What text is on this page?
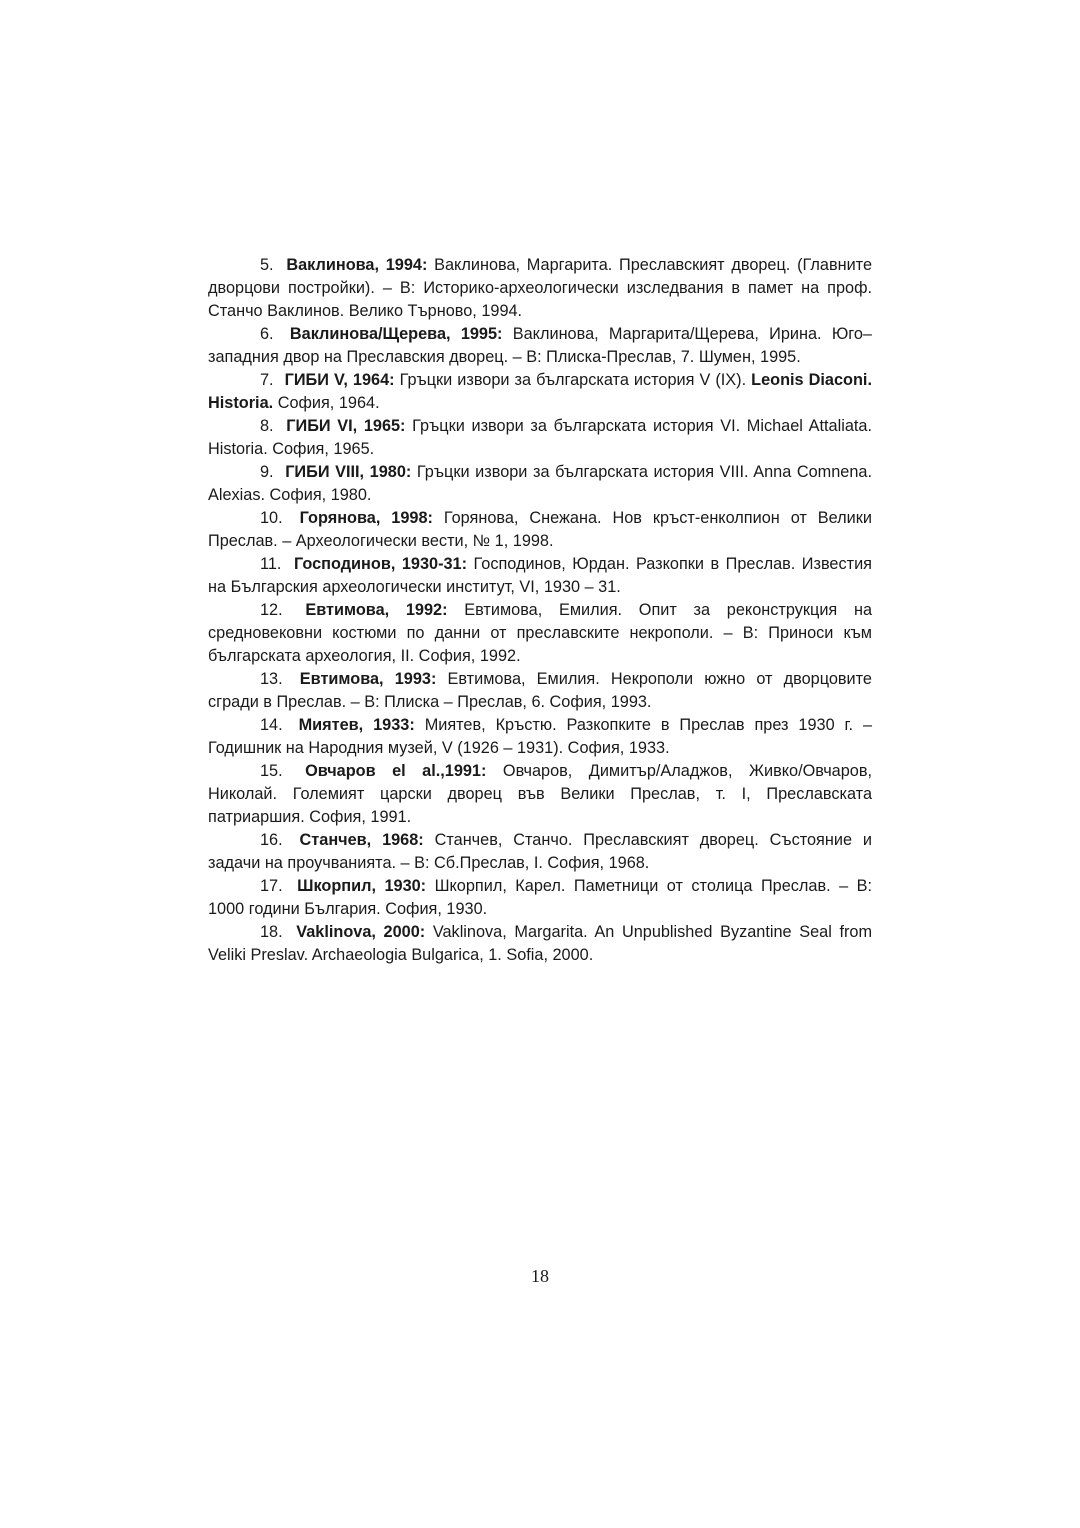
5. Ваклинова, 1994: Ваклинова, Маргарита. Преславският дворец. (Главните дворцови постройки). – В: Историко-археологически изследвания в памет на проф. Станчо Ваклинов. Велико Търново, 1994.
6. Ваклинова/Щерева, 1995: Ваклинова, Маргарита/Щерева, Ирина. Юго–западния двор на Преславския дворец. – В: Плиска-Преслав, 7. Шумен, 1995.
7. ГИБИ V, 1964: Гръцки извори за българската история V (IX). Leonis Diaconi. Historia. София, 1964.
8. ГИБИ VI, 1965: Гръцки извори за българската история VI. Michael Attaliata. Historia. София, 1965.
9. ГИБИ VIII, 1980: Гръцки извори за българската история VIII. Anna Comnena. Alexias. София, 1980.
10. Горянова, 1998: Горянова, Снежана. Нов кръст-енколпион от Велики Преслав. – Археологически вести, № 1, 1998.
11. Господинов, 1930-31: Господинов, Юрдан. Разкопки в Преслав. Известия на Българския археологически институт, VI, 1930 – 31.
12. Евтимова, 1992: Евтимова, Емилия. Опит за реконструкция на средновековни костюми по данни от преславските некрополи. – В: Приноси към българската археология, II. София, 1992.
13. Евтимова, 1993: Евтимова, Емилия. Некрополи южно от дворцовите сгради в Преслав. – В: Плиска – Преслав, 6. София, 1993.
14. Миятев, 1933: Миятев, Кръстю. Разкопките в Преслав през 1930 г. – Годишник на Народния музей, V (1926 – 1931). София, 1933.
15. Овчаров el al.,1991: Овчаров, Димитър/Аладжов, Живко/Овчаров, Николай. Големият царски дворец във Велики Преслав, т. I, Преславската патриаршия. София, 1991.
16. Станчев, 1968: Станчев, Станчо. Преславският дворец. Състояние и задачи на проучванията. – В: Сб.Преслав, I. София, 1968.
17. Шкорпил, 1930: Шкорпил, Карел. Паметници от столица Преслав. – В: 1000 години България. София, 1930.
18. Vaklinova, 2000: Vaklinova, Margarita. An Unpublished Byzantine Seal from Veliki Preslav. Archaeologia Bulgarica, 1. Sofia, 2000.
18
